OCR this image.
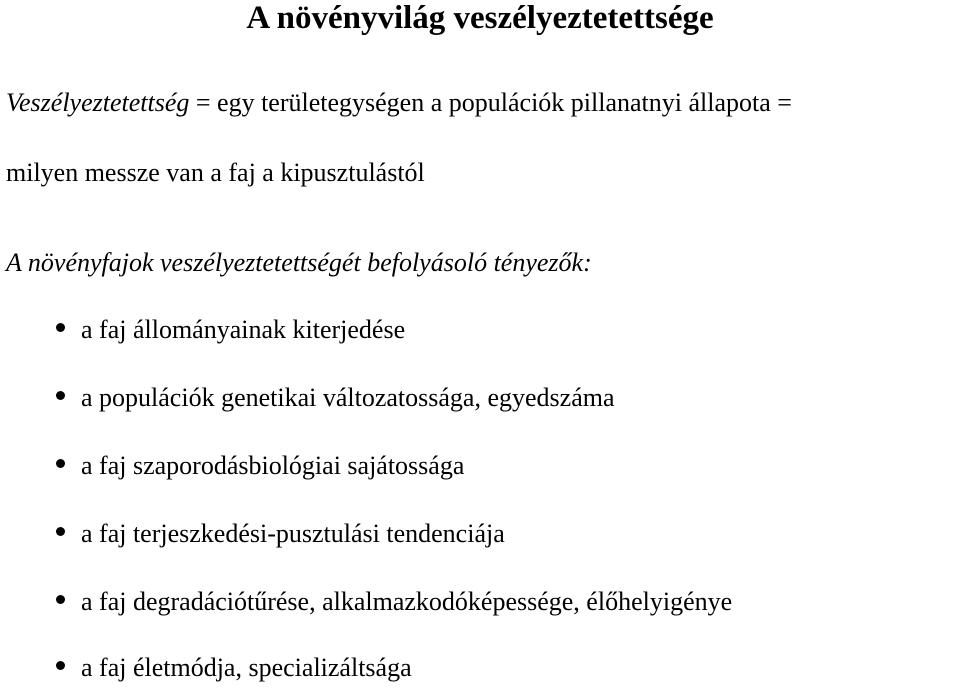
A növényvilág veszélyeztetettsége
Veszélyeztetettség = egy területegységen a populációk pillanatnyi állapota =
milyen messze van a faj a kipusztulástól
A növényfajok veszélyeztetettségét befolyásoló tényezők:
a faj állományainak kiterjedése
a populációk genetikai változatossága, egyedszáma
a faj szaporodásbiológiai sajátossága
a faj terjeszkedési-pusztulási tendenciája
a faj degradációtűrése, alkalmazkodóképessége, élőhelyigénye
a faj életmódja, specializáltsága
